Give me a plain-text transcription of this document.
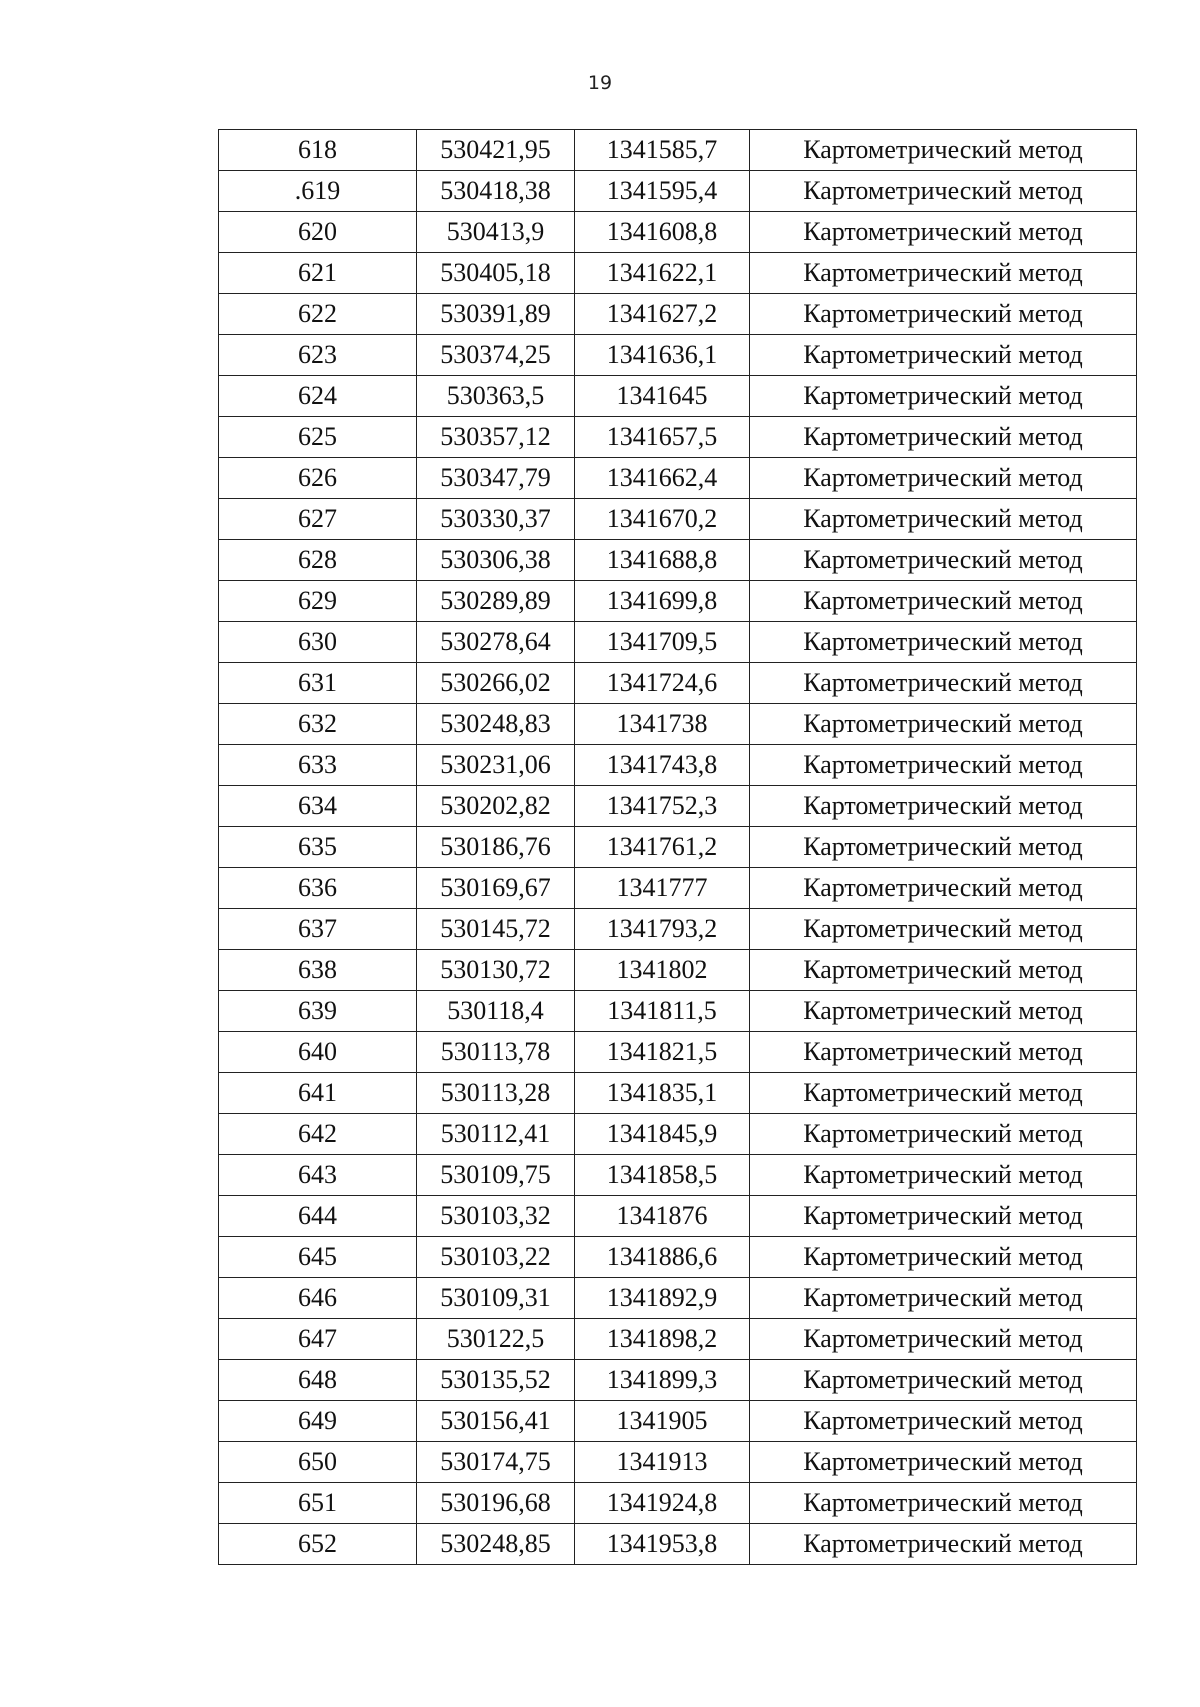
19
618	530421,95	1341585,7	Картометрический метод
.619	530418,38	1341595,4	Картометрический метод
620	530413,9	1341608,8	Картометрический метод
621	530405,18	1341622,1	Картометрический метод
622	530391,89	1341627,2	Картометрический метод
623	530374,25	1341636,1	Картометрический метод
624	530363,5	1341645	Картометрический метод
625	530357,12	1341657,5	Картометрический метод
626	530347,79	1341662,4	Картометрический метод
627	530330,37	1341670,2	Картометрический метод
628	530306,38	1341688,8	Картометрический метод
629	530289,89	1341699,8	Картометрический метод
630	530278,64	1341709,5	Картометрический метод
631	530266,02	1341724,6	Картометрический метод
632	530248,83	1341738	Картометрический метод
633	530231,06	1341743,8	Картометрический метод
634	530202,82	1341752,3	Картометрический метод
635	530186,76	1341761,2	Картометрический метод
636	530169,67	1341777	Картометрический метод
637	530145,72	1341793,2	Картометрический метод
638	530130,72	1341802	Картометрический метод
639	530118,4	1341811,5	Картометрический метод
640	530113,78	1341821,5	Картометрический метод
641	530113,28	1341835,1	Картометрический метод
642	530112,41	1341845,9	Картометрический метод
643	530109,75	1341858,5	Картометрический метод
644	530103,32	1341876	Картометрический метод
645	530103,22	1341886,6	Картометрический метод
646	530109,31	1341892,9	Картометрический метод
647	530122,5	1341898,2	Картометрический метод
648	530135,52	1341899,3	Картометрический метод
649	530156,41	1341905	Картометрический метод
650	530174,75	1341913	Картометрический метод
651	530196,68	1341924,8	Картометрический метод
652	530248,85	1341953,8	Картометрический метод
